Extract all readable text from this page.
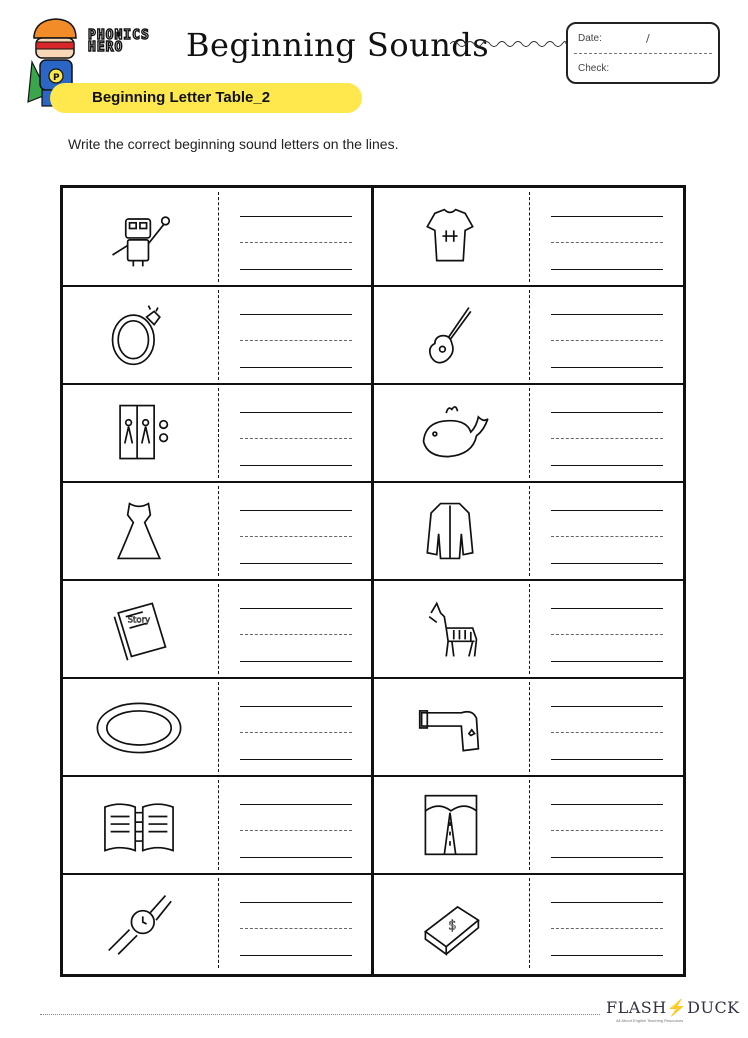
P
PHONICS
HERO	Beginning Sounds	Date:	/
Check:
Beginning Letter Table_2
Write the correct beginning sound letters on the lines.
Story
$
FLASH⚡DUCK
All About English Teaching Resources
